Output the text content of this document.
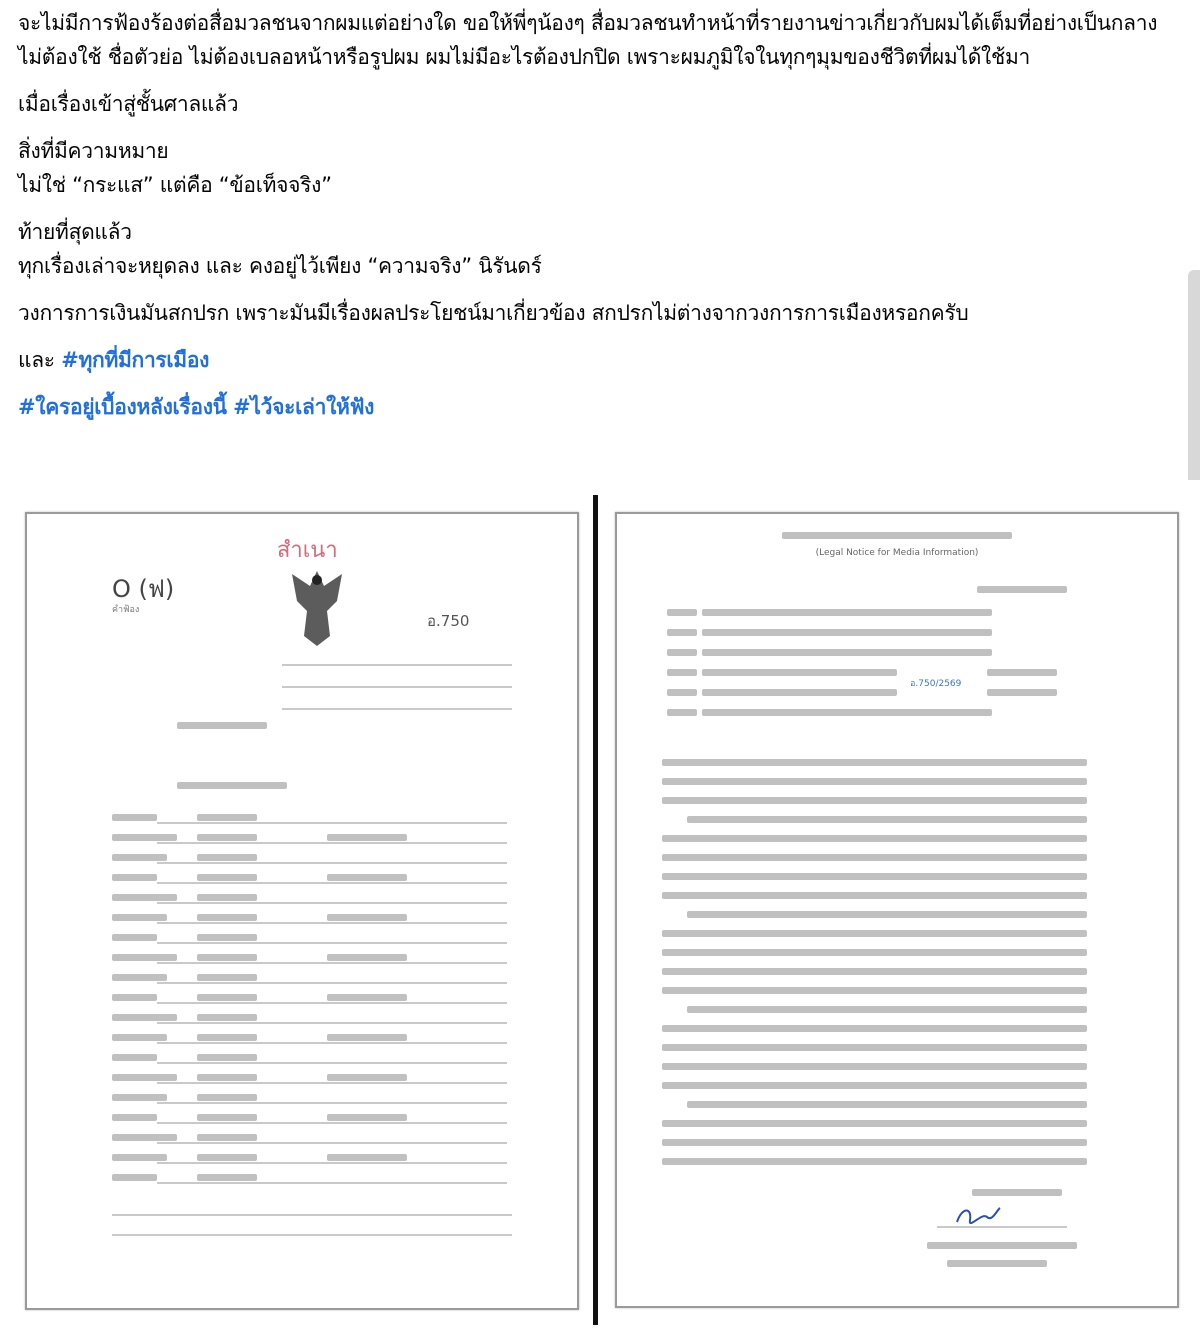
จะไม่มีการฟ้องร้องต่อสื่อมวลชนจากผมแต่อย่างใด ขอให้พี่ๆน้องๆ สื่อมวลชนทำหน้าที่รายงานข่าวเกี่ยวกับผมได้เต็มที่อย่างเป็นกลาง ไม่ต้องใช้ ชื่อตัวย่อ ไม่ต้องเบลอหน้าหรือรูปผม ผมไม่มีอะไรต้องปกปิด เพราะผมภูมิใจในทุกๆมุมของชีวิตที่ผมได้ใช้มา

เมื่อเรื่องเข้าสู่ชั้นศาลแล้ว

สิ่งที่มีความหมาย
ไม่ใช่ “กระแส” แต่คือ “ข้อเท็จจริง”

ท้ายที่สุดแล้ว
ทุกเรื่องเล่าจะหยุดลง และ คงอยู่ไว้เพียง “ความจริง” นิรันดร์

วงการการเงินมันสกปรก เพราะมันมีเรื่องผลประโยชน์มาเกี่ยวข้อง สกปรกไม่ต่างจากวงการการเมืองหรอกครับ

และ #ทุกที่มีการเมือง

#ใครอยู่เบื้องหลังเรื่องนี้ #ไว้จะเล่าให้ฟัง

สำเนา
O (ฟ)
คำฟ้อง
อ.750
(Legal Notice for Media Information)
อ.750/2569
